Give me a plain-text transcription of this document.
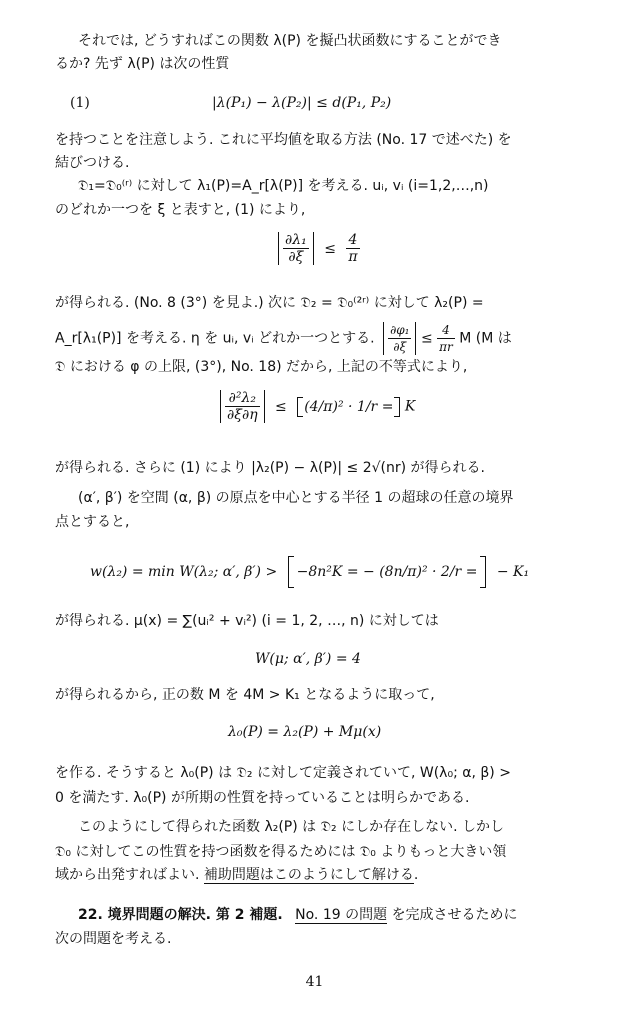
それでは, どうすればこの関数 λ(P) を擬凸状函数にすることができ
るか? 先ず λ(P) は次の性質
(1)	|λ(P₁) − λ(P₂)| ≤ d(P₁, P₂)
を持つことを注意しよう. これに平均値を取る方法 (No. 17 で述べた) を
結びつける.
𝔇₁=𝔇₀⁽ʳ⁾ に対して λ₁(P)=A_r[λ(P)] を考える. uᵢ, vᵢ (i=1,2,…,n)
のどれか一つを ξ と表すと, (1) により,
$\frac{\text{∂λ₁}}{\partial\xi} \le \frac{4}{\pi}$
が得られる. (No. 8 (3°) を見よ.) 次に 𝔇₂ = 𝔇₀⁽²ʳ⁾ に対して λ₂(P) =
A_r[λ₁(P)] を考える. η を uᵢ, vᵢ どれか一つとする. $\frac{\text{∂φ₁}}{\partial\xi} \le \frac{4}{\pi r}$ M (M は
𝔇 における φ の上限, (3°), No. 18) だから, 上記の不等式により,
$\frac{\text{∂²λ₂}}{\partial\xi\partial\eta} \le (4/\pi)^2 \cdot 1/r = K$
が得られる. さらに (1) により |λ₂(P) − λ(P)| ≤ 2√(nr) が得られる.
(α′, β′) を空間 (α, β) の原点を中心とする半径 1 の超球の任意の境界
点とすると,
w(λ₂) = min W(λ₂; α′, β′) > −8n²K = − (8n/π)² · 2/r = − K₁
が得られる. μ(x) = ∑(uᵢ² + vᵢ²) (i = 1, 2, …, n) に対しては
W(μ; α′, β′) = 4
が得られるから, 正の数 M を 4M > K₁ となるように取って,
λ₀(P) = λ₂(P) + Mμ(x)
を作る. そうすると λ₀(P) は 𝔇₂ に対して定義されていて, W(λ₀; α, β) >
0 を満たす. λ₀(P) が所期の性質を持っていることは明らかである.
このようにして得られた函数 λ₂(P) は 𝔇₂ にしか存在しない. しかし
𝔇₀ に対してこの性質を持つ函数を得るためには 𝔇₀ よりもっと大きい領
域から出発すればよい. 補助問題はこのようにして解ける.
22. 境界問題の解決. 第 2 補題. No. 19 の問題 を完成させるために
次の問題を考える.
41
